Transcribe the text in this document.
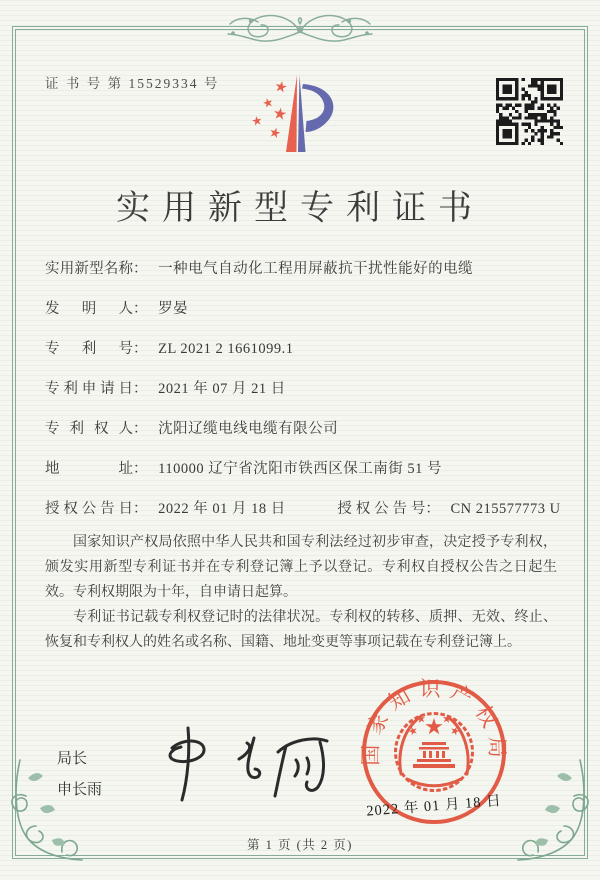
证 书 号 第 15529334 号
实用新型专利证书
实用新型名称： 一种电气自动化工程用屏蔽抗干扰性能好的电缆
发明人： 罗晏
专利号： ZL 2021 2 1661099.1
专利申请日： 2021 年 07 月 21 日
专利权人： 沈阳辽缆电线电缆有限公司
地址： 110000 辽宁省沈阳市铁西区保工南街 51 号
授权公告日： 2022 年 01 月 18 日	授权公告号： CN 215577773 U

国家知识产权局依照中华人民共和国专利法经过初步审查，决定授予专利权，颁发实用新型专利证书并在专利登记簿上予以登记。专利权自授权公告之日起生效。专利权期限为十年，自申请日起算。

专利证书记载专利权登记时的法律状况。专利权的转移、质押、无效、终止、恢复和专利权人的姓名或名称、国籍、地址变更等事项记载在专利登记簿上。

局长
申长雨
国家知识产权局
2022 年 01 月 18 日
第 1 页 (共 2 页)
